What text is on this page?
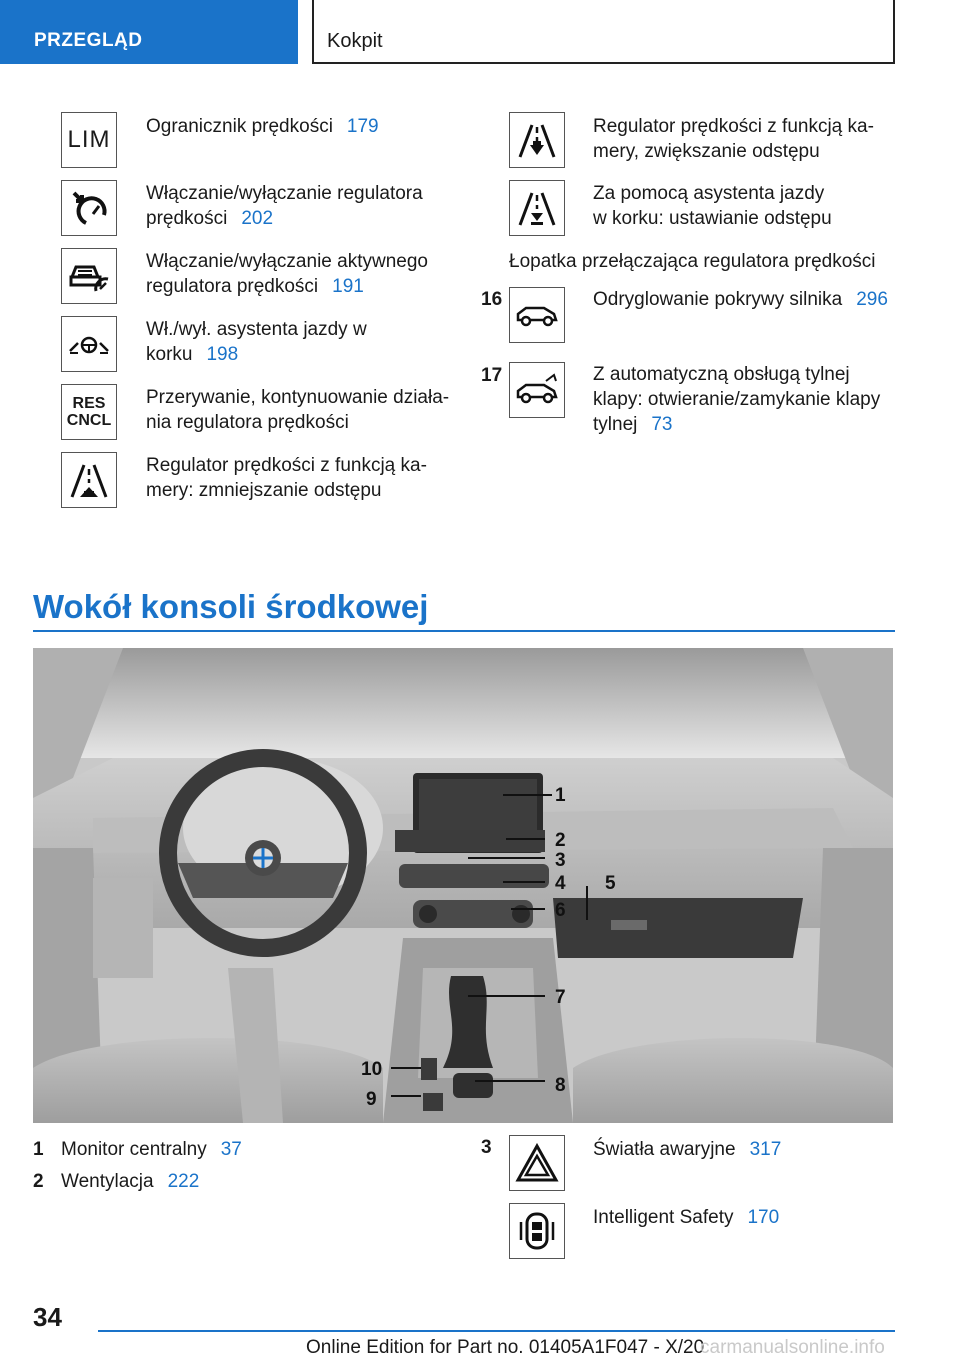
PRZEGLĄD	Kokpit
LIM Ogranicznik prędkości 179
Włączanie/wyłączanie regulatora
prędkości 202
Włączanie/wyłączanie aktywnego
regulatora prędkości 191
Wł./wył. asystenta jazdy w
korku 198
RES
CNCL
Przerywanie, kontynuowanie działa-
nia regulatora prędkości
Regulator prędkości z funkcją ka-
mery: zmniejszanie odstępu
Regulator prędkości z funkcją ka-
mery, zwiększanie odstępu
Za pomocą asystenta jazdy
w korku: ustawianie odstępu
Łopatka przełączająca regulatora prędkości
16	Odryglowanie pokrywy silnika 296
17	Z automatyczną obsługą tylnej
klapy: otwieranie/zamykanie klapy
tylnej 73
Wokół konsoli środkowej
1
2
3
4 5
6
7
8
9
10
1 Monitor centralny 37
2 Wentylacja 222
3	Światła awaryjne 317
Intelligent Safety 170
34
Online Edition for Part no. 01405A1F047 - X/20
carmanualsonline.info
